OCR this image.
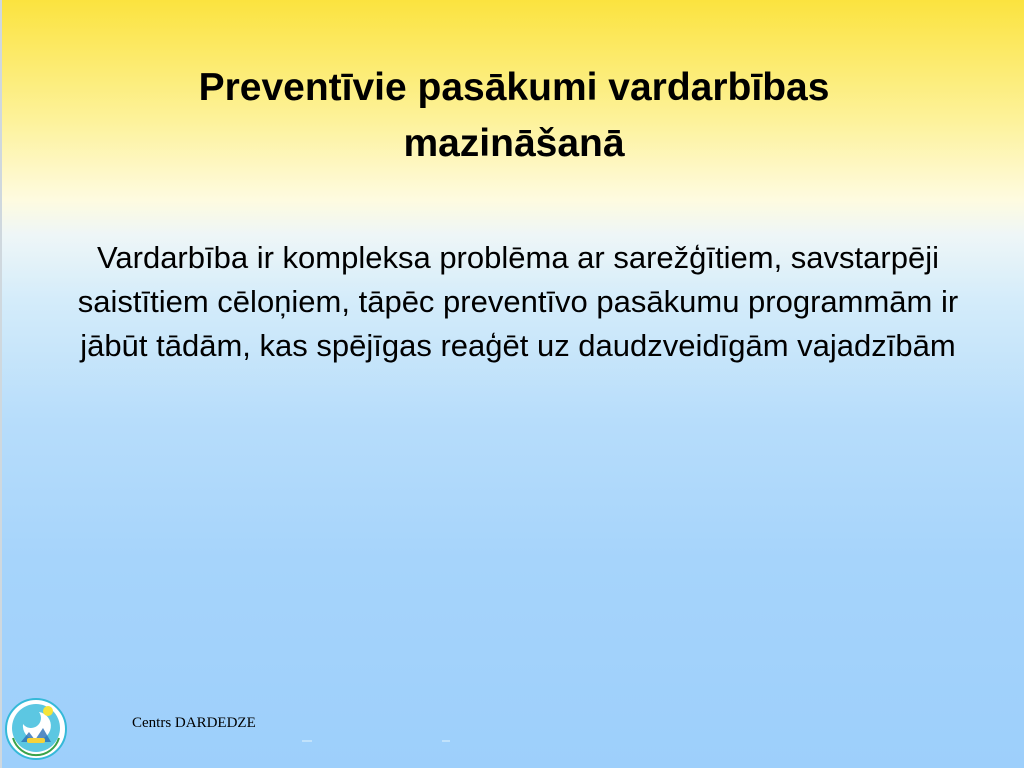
Preventīvie pasākumi vardarbības mazināšanā

Vardarbība ir kompleksa problēma ar sarežģītiem, savstarpēji saistītiem cēloņiem, tāpēc preventīvo pasākumu programmām ir jābūt tādām, kas spējīgas reaģēt uz daudzveidīgām vajadzībām

Centrs DARDEDZE
